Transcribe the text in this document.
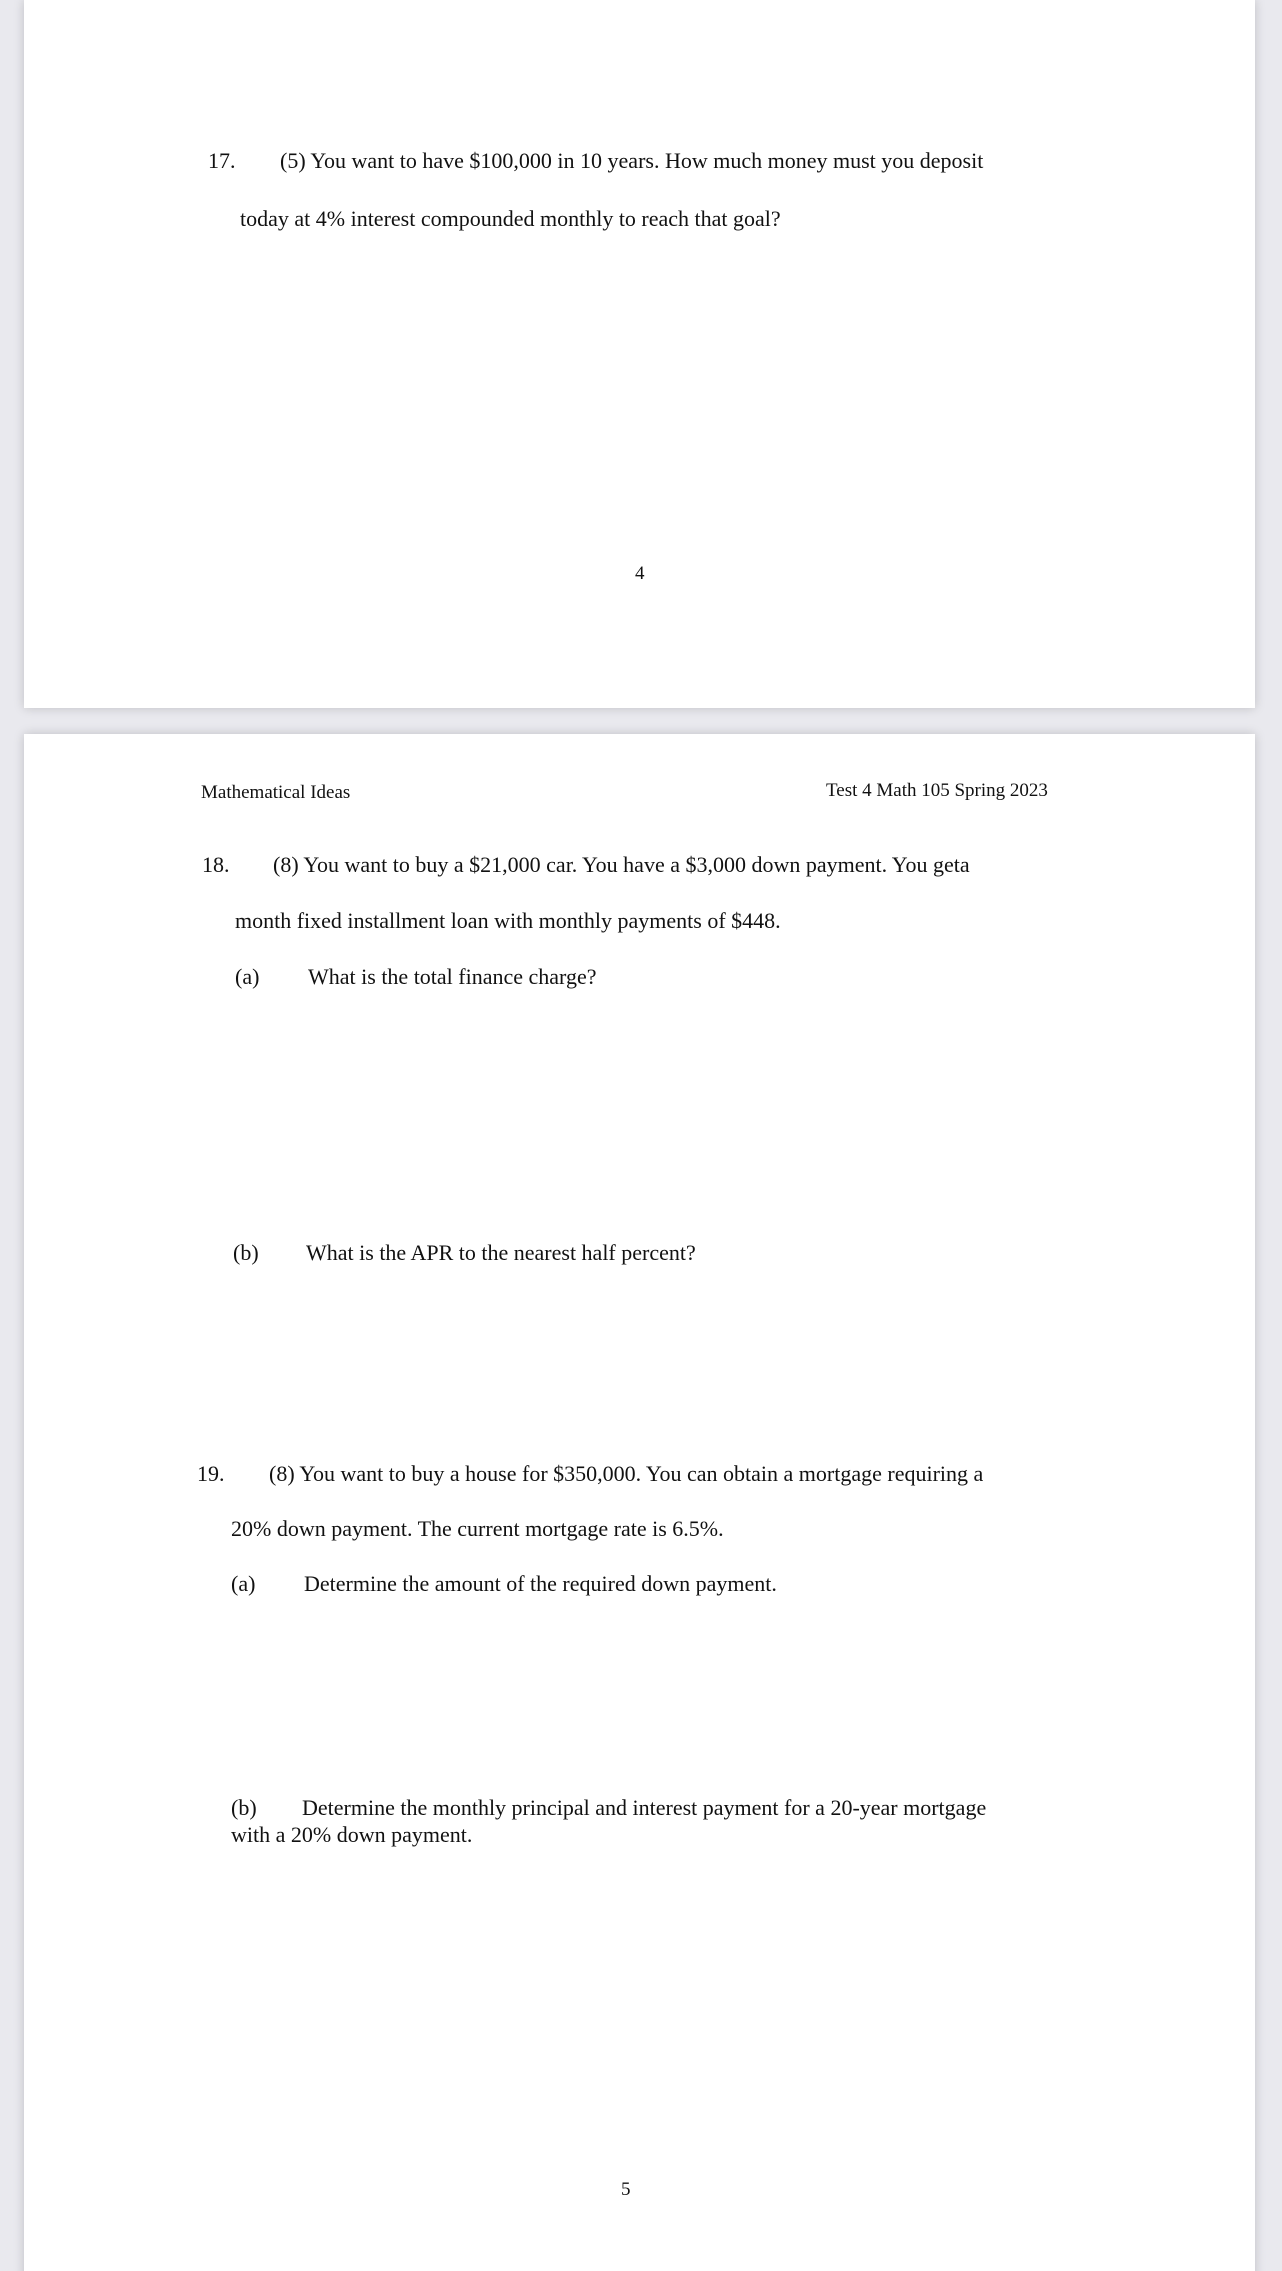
17. (5) You want to have $100,000 in 10 years. How much money must you deposit
today at 4% interest compounded monthly to reach that goal?
4
Mathematical Ideas	Test 4 Math 105 Spring 2023
18. (8) You want to buy a $21,000 car. You have a $3,000 down payment. You geta
month fixed installment loan with monthly payments of $448.
(a) What is the total finance charge?
(b) What is the APR to the nearest half percent?
19. (8) You want to buy a house for $350,000. You can obtain a mortgage requiring a
20% down payment. The current mortgage rate is 6.5%.
(a) Determine the amount of the required down payment.
(b) Determine the monthly principal and interest payment for a 20-year mortgage
with a 20% down payment.
5
